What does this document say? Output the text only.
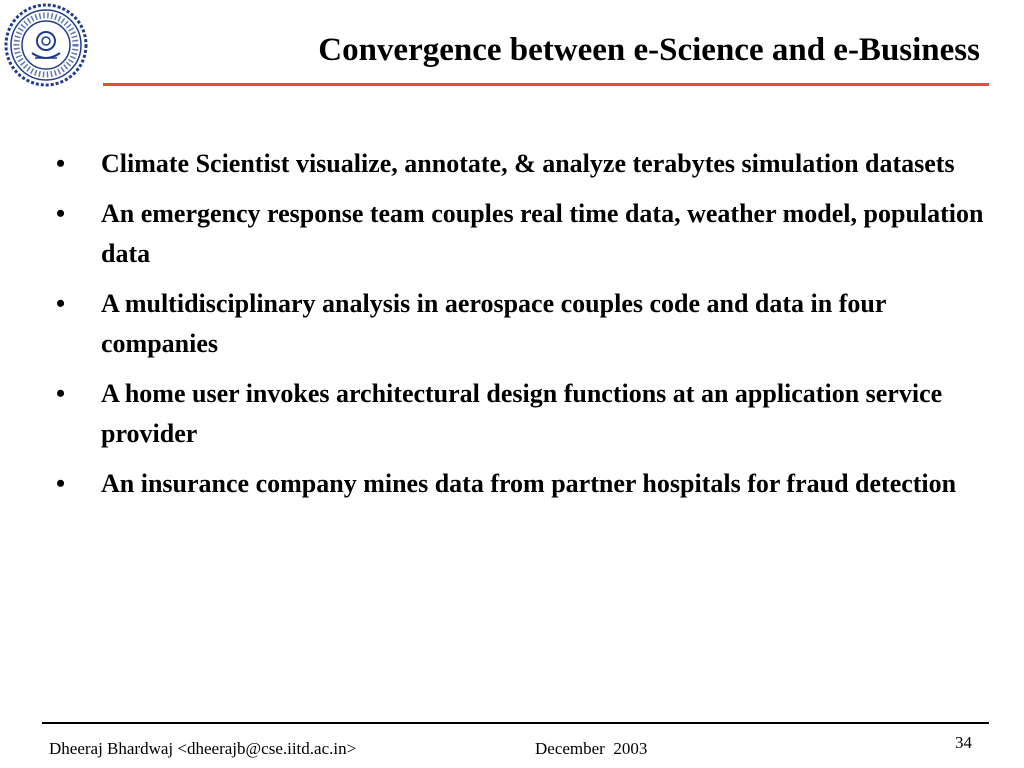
Convergence between e-Science and e-Business
•	Climate Scientist visualize, annotate, & analyze terabytes simulation datasets
•	An emergency response team couples real time data, weather model, population data
•	A multidisciplinary analysis in aerospace couples code and data in four companies
•	A home user invokes architectural design functions at an application service provider
•	An insurance company mines data from partner hospitals for fraud detection
Dheeraj Bhardwaj <dheerajb@cse.iitd.ac.in>	December  2003	34
